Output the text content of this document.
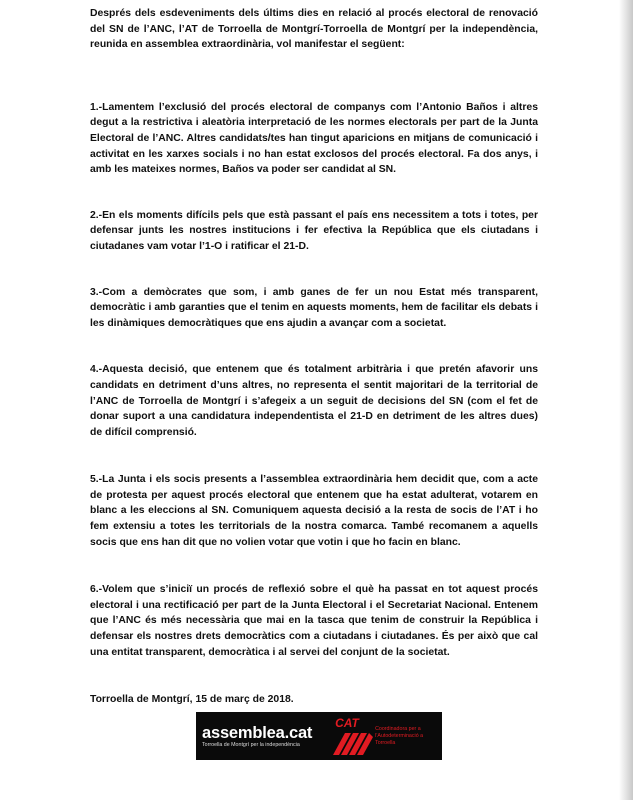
Després dels esdeveniments dels últims dies en relació al procés electoral de renovació del SN de l’ANC, l’AT de Torroella de Montgrí-Torroella de Montgrí per la independència, reunida en assemblea extraordinària, vol manifestar el següent:

1.-Lamentem l’exclusió del procés electoral de companys com l’Antonio Baños i altres degut a la restrictiva i aleatòria interpretació de les normes electorals per part de la Junta Electoral de l’ANC. Altres candidats/tes han tingut aparicions en mitjans de comunicació i activitat en les xarxes socials i no han estat exclosos del procés electoral. Fa dos anys, i amb les mateixes normes, Baños va poder ser candidat al SN.

2.-En els moments difícils pels que està passant el país ens necessitem a tots i totes, per defensar junts les nostres institucions i fer efectiva la República que els ciutadans i ciutadanes vam votar l’1-O i ratificar el 21-D.

3.-Com a demòcrates que som, i amb ganes de fer un nou Estat més transparent, democràtic i amb garanties que el tenim en aquests moments, hem de facilitar els debats i les dinàmiques democràtiques que ens ajudin a avançar com a societat.

4.-Aquesta decisió, que entenem que és totalment arbitrària i que pretén afavorir uns candidats en detriment d’uns altres, no representa el sentit majoritari de la territorial de l’ANC de Torroella de Montgrí i s’afegeix a un seguit de decisions del SN (com el fet de donar suport a una candidatura independentista el 21-D en detriment de les altres dues) de difícil comprensió.

5.-La Junta i els socis presents a l’assemblea extraordinària hem decidit que, com a acte de protesta per aquest procés electoral que entenem que ha estat adulterat, votarem en blanc a les eleccions al SN. Comuniquem aquesta decisió a la resta de socis de l’AT i ho fem extensiu a totes les territorials de la nostra comarca. També recomanem a aquells socis que ens han dit que no volien votar que votin i que ho facin en blanc.

6.-Volem que s’iniciï un procés de reflexió sobre el què ha passat en tot aquest procés electoral i una rectificació per part de la Junta Electoral i el Secretariat Nacional. Entenem que l’ANC és més necessària que mai en la tasca que tenim de construir la República i defensar els nostres drets democràtics com a ciutadans i ciutadanes. És per això que cal una entitat transparent, democràtica i al servei del conjunt de la societat.

Torroella de Montgrí, 15 de març de 2018.

assemblea.cat
Torroella de Montgrí per la independència
CAT	Coordinadora per a
l’Autodeterminació a
Torroella
